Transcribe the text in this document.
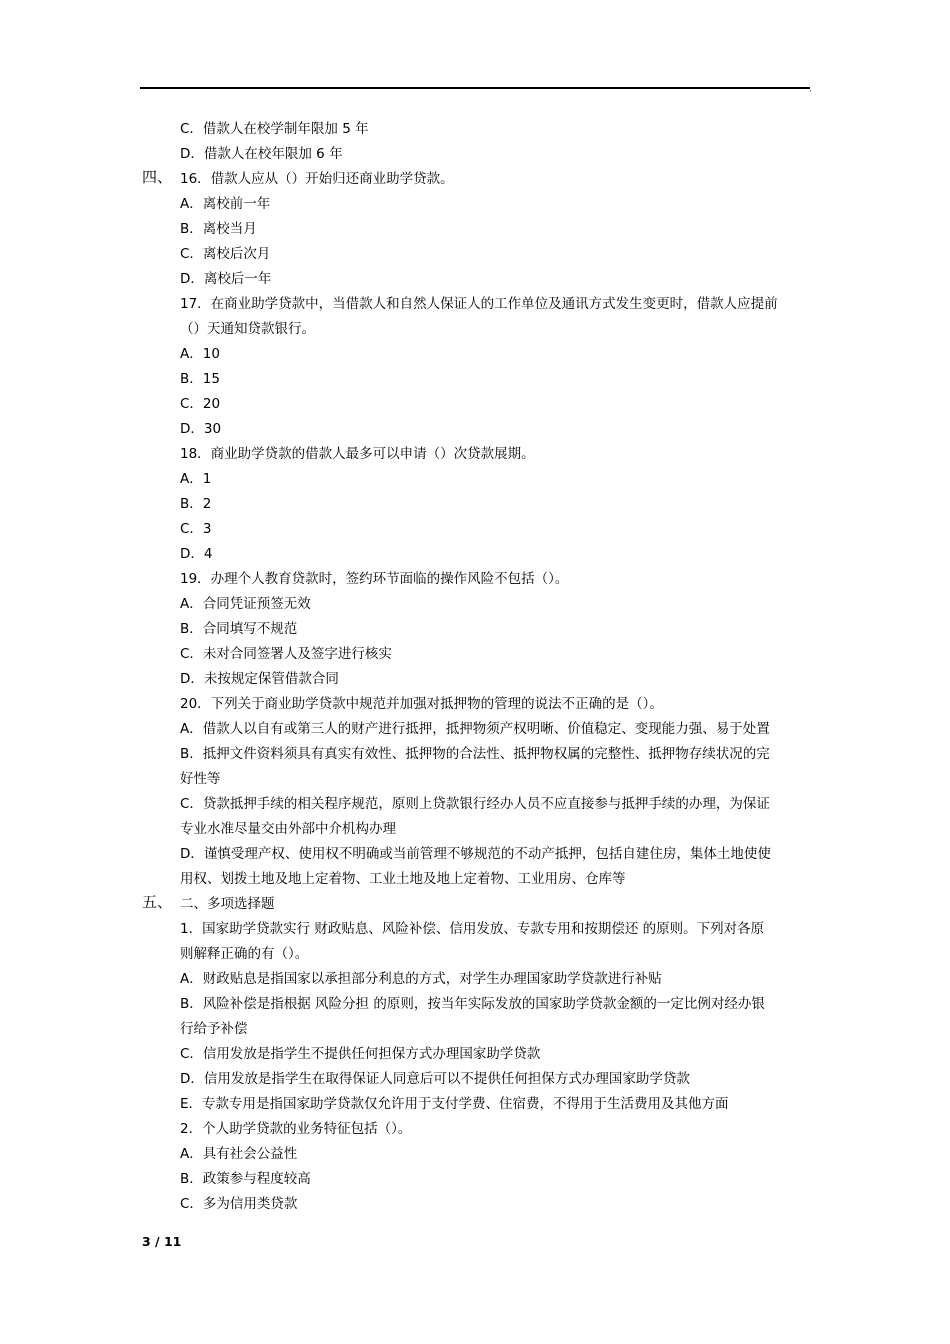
‚
C．借款人在校学制年限加 5 年
D．借款人在校年限加 6 年
四、 16．借款人应从（）开始归还商业助学贷款。
A．离校前一年
B．离校当月
C．离校后次月
D．离校后一年
17．在商业助学贷款中，当借款人和自然人保证人的工作单位及通讯方式发生变更时，借款人应提前
（）天通知贷款银行。
A．10
B．15
C．20
D．30
18．商业助学贷款的借款人最多可以申请（）次贷款展期。
A．1
B．2
C．3
D．4
19．办理个人教育贷款时，签约环节面临的操作风险不包括（）。
A．合同凭证预签无效
B．合同填写不规范
C．未对合同签署人及签字进行核实
D．未按规定保管借款合同
20．下列关于商业助学贷款中规范并加强对抵押物的管理的说法不正确的是（）。
A．借款人以自有或第三人的财产进行抵押，抵押物须产权明晰、价值稳定、变现能力强、易于处置
B．抵押文件资料须具有真实有效性、抵押物的合法性、抵押物权属的完整性、抵押物存续状况的完
好性等
C．贷款抵押手续的相关程序规范，原则上贷款银行经办人员不应直接参与抵押手续的办理，为保证
专业水准尽量交由外部中介机构办理
D．谨慎受理产权、使用权不明确或当前管理不够规范的不动产抵押，包括自建住房，集体土地使使
用权、划拨土地及地上定着物、工业土地及地上定着物、工业用房、仓库等
五、 二、多项选择题
1．国家助学贷款实行 财政贴息、风险补偿、信用发放、专款专用和按期偿还 的原则。下列对各原
则解释正确的有（）。
A．财政贴息是指国家以承担部分利息的方式，对学生办理国家助学贷款进行补贴
B．风险补偿是指根据 风险分担 的原则，按当年实际发放的国家助学贷款金额的一定比例对经办银
行给予补偿
C．信用发放是指学生不提供任何担保方式办理国家助学贷款
D．信用发放是指学生在取得保证人同意后可以不提供任何担保方式办理国家助学贷款
E．专款专用是指国家助学贷款仅允许用于支付学费、住宿费，不得用于生活费用及其他方面
2．个人助学贷款的业务特征包括（）。
A．具有社会公益性
B．政策参与程度较高
C．多为信用类贷款
3 / 11
